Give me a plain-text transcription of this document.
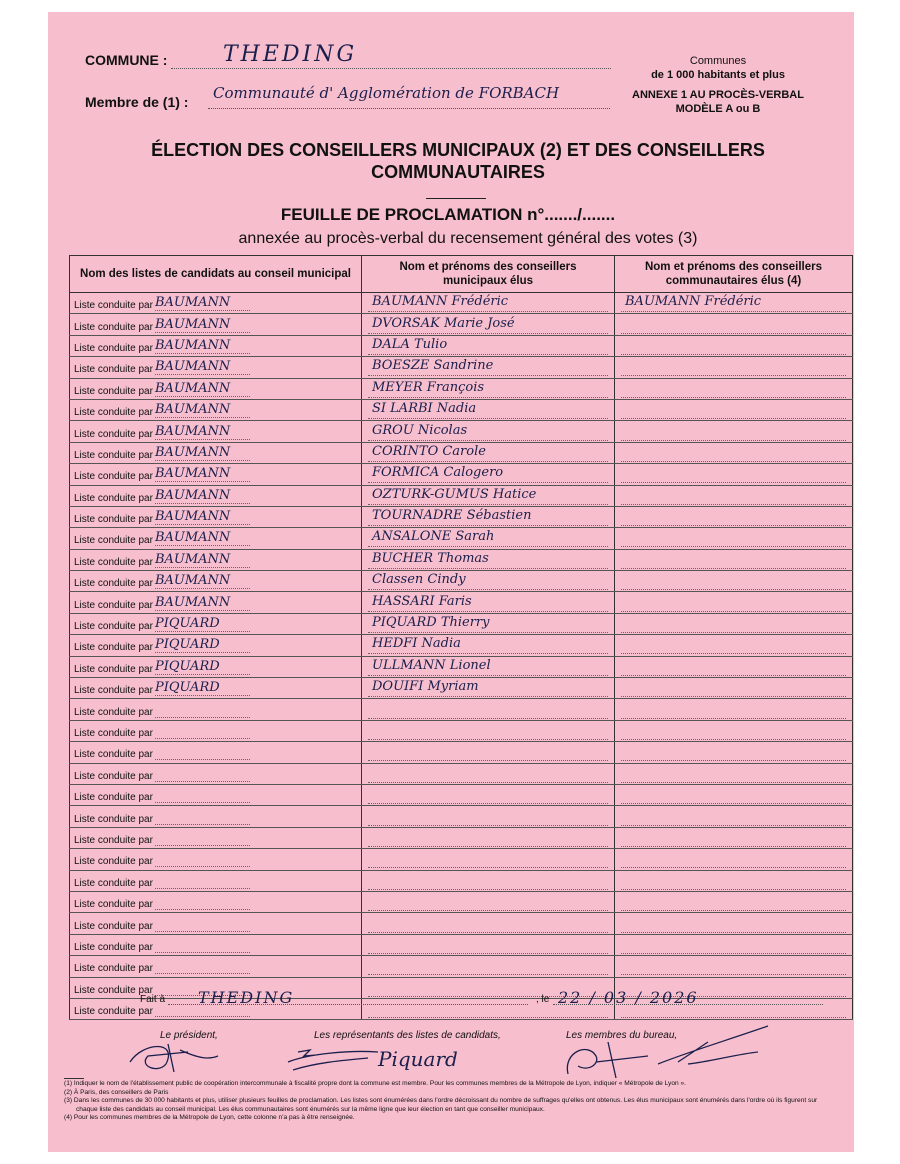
COMMUNE :	THEDING
Membre de (1) : Communauté d' Agglomération de FORBACH
Communes
de 1 000 habitants et plus
ANNEXE 1 AU PROCÈS-VERBAL
MODÈLE A ou B
ÉLECTION DES CONSEILLERS MUNICIPAUX (2) ET DES CONSEILLERS
COMMUNAUTAIRES
FEUILLE DE PROCLAMATION n°......./.......
annexée au procès-verbal du recensement général des votes (3)
Nom des listes de candidats au conseil municipal	Nom et prénoms des conseillers municipaux élus	Nom et prénoms des conseillers communautaires élus (4)
Liste conduite par BAUMANN	BAUMANN Frédéric	BAUMANN Frédéric

Liste conduite par BAUMANN	DVORSAK Marie José	

Liste conduite par BAUMANN	DALA Tulio	

Liste conduite par BAUMANN	BOESZE Sandrine	

Liste conduite par BAUMANN	MEYER François	

Liste conduite par BAUMANN	SI LARBI Nadia	

Liste conduite par BAUMANN	GROU Nicolas	

Liste conduite par BAUMANN	CORINTO Carole	

Liste conduite par BAUMANN	FORMICA Calogero	

Liste conduite par BAUMANN	OZTURK-GUMUS Hatice	

Liste conduite par BAUMANN	TOURNADRE Sébastien	

Liste conduite par BAUMANN	ANSALONE Sarah	

Liste conduite par BAUMANN	BUCHER Thomas	

Liste conduite par BAUMANN	Classen Cindy	

Liste conduite par BAUMANN	HASSARI Faris	

Liste conduite par PIQUARD	PIQUARD Thierry	

Liste conduite par PIQUARD	HEDFI Nadia	

Liste conduite par PIQUARD	ULLMANN Lionel	

Liste conduite par PIQUARD	DOUIFI Myriam	

Liste conduite par	

Liste conduite par	

Liste conduite par	

Liste conduite par	

Liste conduite par	

Liste conduite par	

Liste conduite par	

Liste conduite par	

Liste conduite par	

Liste conduite par	

Liste conduite par	

Liste conduite par	

Liste conduite par	

Liste conduite par	

Liste conduite par	

Fait à THEDING	, le 22 / 03 / 2026
Le président,	Les représentants des listes de candidats,	Les membres du bureau,
Piquard
(1) Indiquer le nom de l'établissement public de coopération intercommunale à fiscalité propre dont la commune est membre. Pour les communes membres de la Métropole de Lyon, indiquer « Métropole de Lyon ».
(2) À Paris, des conseillers de Paris
(3) Dans les communes de 30 000 habitants et plus, utiliser plusieurs feuilles de proclamation. Les listes sont énumérées dans l'ordre décroissant du nombre de suffrages qu'elles ont obtenus. Les élus municipaux sont énumérés dans l'ordre où ils figurent sur chaque liste des candidats au conseil municipal. Les élus communautaires sont énumérés sur la même ligne que leur élection en tant que conseiller municipaux.
(4) Pour les communes membres de la Métropole de Lyon, cette colonne n'a pas à être renseignée.
